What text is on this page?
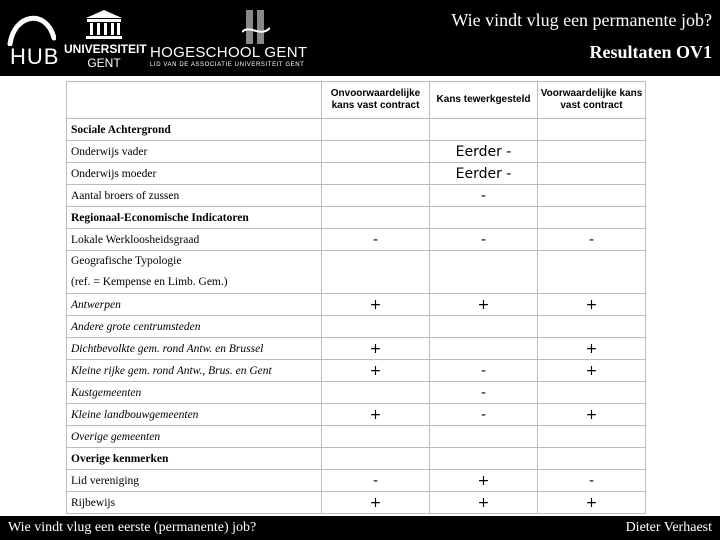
HUB UNIVERSITEIT
GENT
HOGESCHOOL GENT
LID VAN DE ASSOCIATIE UNIVERSITEIT GENT
Wie vindt vlug een permanente job?
Resultaten OV1
	Onvoorwaardelijke kans vast contract	Kans tewerkgesteld	Voorwaardelijke kans vast contract
Sociale Achtergrond			
Onderwijs vader		Eerder -	
Onderwijs moeder		Eerder -	
Aantal broers of zussen		-	
Regionaal-Economische Indicatoren			
Lokale Werkloosheidsgraad	-	-	-
Geografische Typologie
(ref. = Kempense en Limb. Gem.)			
Antwerpen	+	+	+
Andere grote centrumsteden			
Dichtbevolkte gem. rond Antw. en Brussel	+		+
Kleine rijke gem. rond Antw., Brus. en Gent	+	-	+
Kustgemeenten		-	
Kleine landbouwgemeenten	+	-	+
Overige gemeenten			
Overige kenmerken			
Lid vereniging	-	+	-
Rijbewijs	+	+	+
Wie vindt vlug een eerste (permanente) job?	Dieter Verhaest
